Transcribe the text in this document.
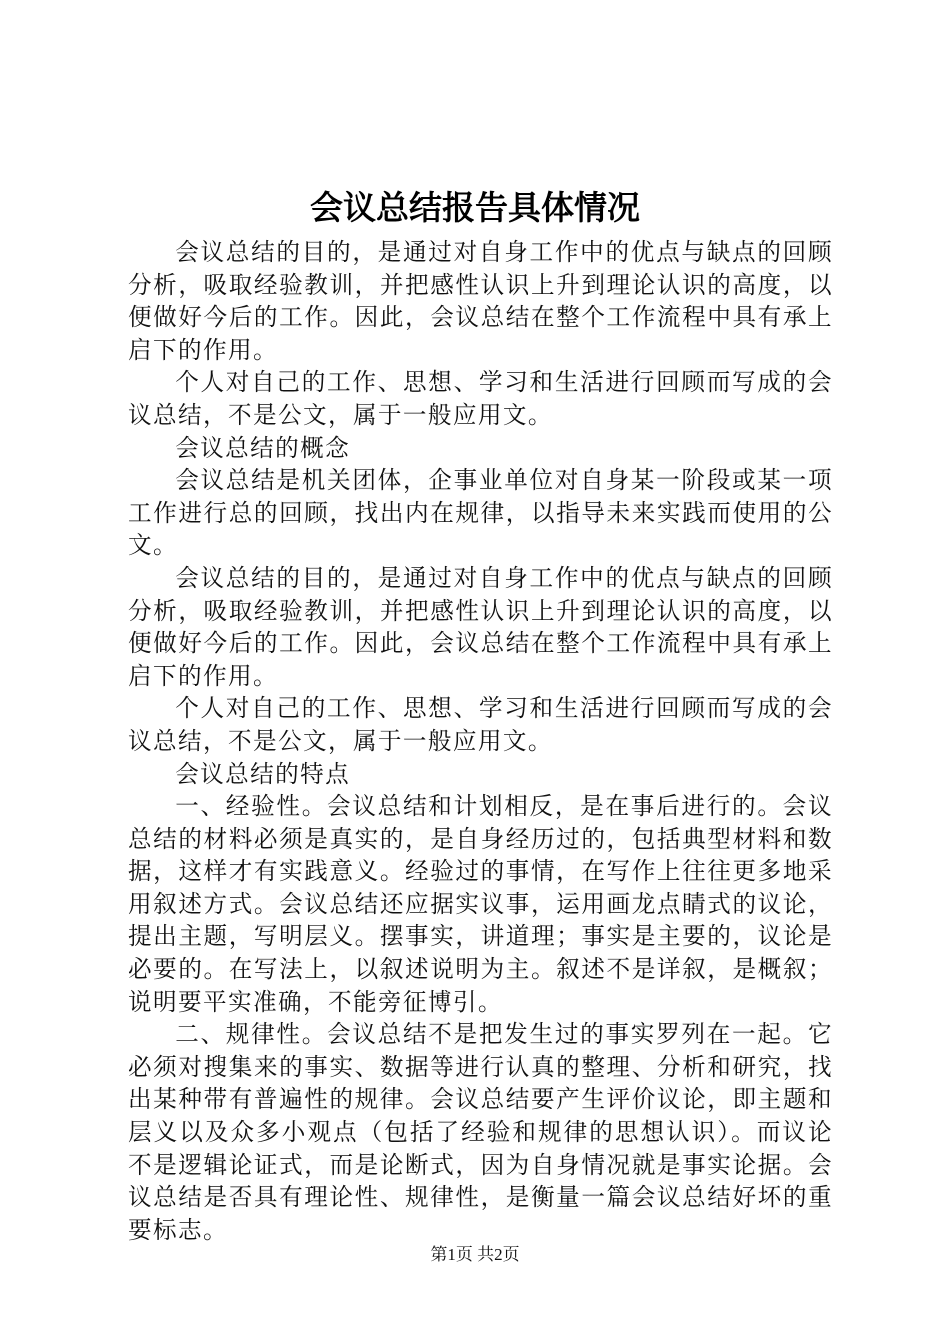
会议总结报告具体情况

会议总结的目的，是通过对自身工作中的优点与缺点的回顾分析，吸取经验教训，并把感性认识上升到理论认识的高度，以便做好今后的工作。因此，会议总结在整个工作流程中具有承上启下的作用。

个人对自己的工作、思想、学习和生活进行回顾而写成的会议总结，不是公文，属于一般应用文。

会议总结的概念

会议总结是机关团体，企事业单位对自身某一阶段或某一项工作进行总的回顾，找出内在规律，以指导未来实践而使用的公文。

会议总结的目的，是通过对自身工作中的优点与缺点的回顾分析，吸取经验教训，并把感性认识上升到理论认识的高度，以便做好今后的工作。因此，会议总结在整个工作流程中具有承上启下的作用。

个人对自己的工作、思想、学习和生活进行回顾而写成的会议总结，不是公文，属于一般应用文。

会议总结的特点

一、经验性。会议总结和计划相反，是在事后进行的。会议总结的材料必须是真实的，是自身经历过的，包括典型材料和数据，这样才有实践意义。经验过的事情，在写作上往往更多地采用叙述方式。会议总结还应据实议事，运用画龙点睛式的议论，提出主题，写明层义。摆事实，讲道理；事实是主要的，议论是必要的。在写法上，以叙述说明为主。叙述不是详叙，是概叙；说明要平实准确，不能旁征博引。

二、规律性。会议总结不是把发生过的事实罗列在一起。它必须对搜集来的事实、数据等进行认真的整理、分析和研究，找出某种带有普遍性的规律。会议总结要产生评价议论，即主题和层义以及众多小观点（包括了经验和规律的思想认识）。而议论不是逻辑论证式，而是论断式，因为自身情况就是事实论据。会议总结是否具有理论性、规律性，是衡量一篇会议总结好坏的重要标志。

第1页 共2页
